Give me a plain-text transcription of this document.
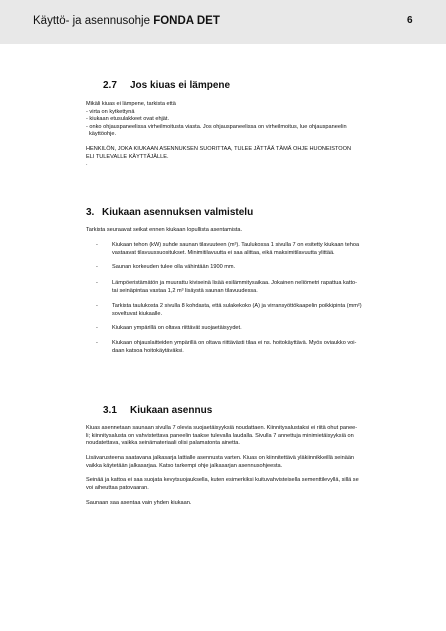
Käyttö- ja asennusohje FONDA DET	6
2.7 Jos kiuas ei lämpene

Mikäli kiuas ei lämpene, tarkista että

- virta on kytkettynä

- kiukaan etusulakkeet ovat ehjät.

- onko ohjauspaneelissa virheilmoitusta viasta. Jos ohjauspaneelissa on virheilmoitus, lue ohjauspaneelin

käyttöohje.

HENKILÖN, JOKA KIUKAAN ASENNUKSEN SUORITTAA, TULEE JÄTTÄÄ TÄMÄ OHJE HUONEISTOON

ELI TULEVALLE KÄYTTÄJÄLLE.

.

3. Kiukaan asennuksen valmistelu
Tarkista seuraavat seikat ennen kiukaan lopullista asentamista.
-	Kiukaan tehon (kW) suhde saunan tilavuuteen (m³). Taulukossa 1 sivulla 7 on esitetty kiukaan tehoa
vastaavat tilavuussuositukset. Minimitilavuutta ei saa alittaa, eikä maksimitilavuutta ylittää.
-	Saunan korkeuden tulee olla vähintään 1900 mm.
-	Lämpöeristämätön ja muurattu kivisein​ä lisää esilämmitysaikaa. Jokainen neliömetri rapattua katto-
tai seinäpintaa vastaa 1,2 m³ lisäystä saunan tilavuudessa.
-	Tarkista taulukosta 2 sivulla 8 kohdasta, että sulakekoko (A) ja virransyöttökaapelin poikkipinta (mm²)
soveltuvat kiukaalle.
-	Kiukaan ympärillä on oltava riittävät suojaetäisyydet.
-	Kiukaan ohjauslaitteiden ympärillä on oltava riittävästi tilaa ei ns. hoitokäyttävä. Myös oviaukko voi-
daan katsoa hoitokäytäväksi.
3.1 Kiukaan asennus

Kiuas asennetaan saunaan sivulla 7 olevia suojaetäisyyksiä noudattaen. Kiinnitysalustaksi ei riitä ohut panee-

li; kiinnitysalusta on vahvistettava paneelin taakse tulevalla laudalla. Sivulla 7 annettuja minimietäisyyksiä on

noudatettava, vaikka seinämateriaali olisi palamatonta ainetta.

Lisävarusteena saatavana jalkasarja lattialle asennusta varten. Kiuas on kiinnitettävä yläkiinnikkeillä seinään

vaikka käytetään jalkasarjaa. Katso tarkempi ohje jalkasarjan asennusohjeesta.

Seinää ja kattoa ei saa suojata kevytsuojauksella, kuten esimerkiksi kuituvahvisteisella sementtilevyllä, sillä se

voi aiheuttaa patovaaran.

Saunaan saa asentaa vain yhden kiukaan.
